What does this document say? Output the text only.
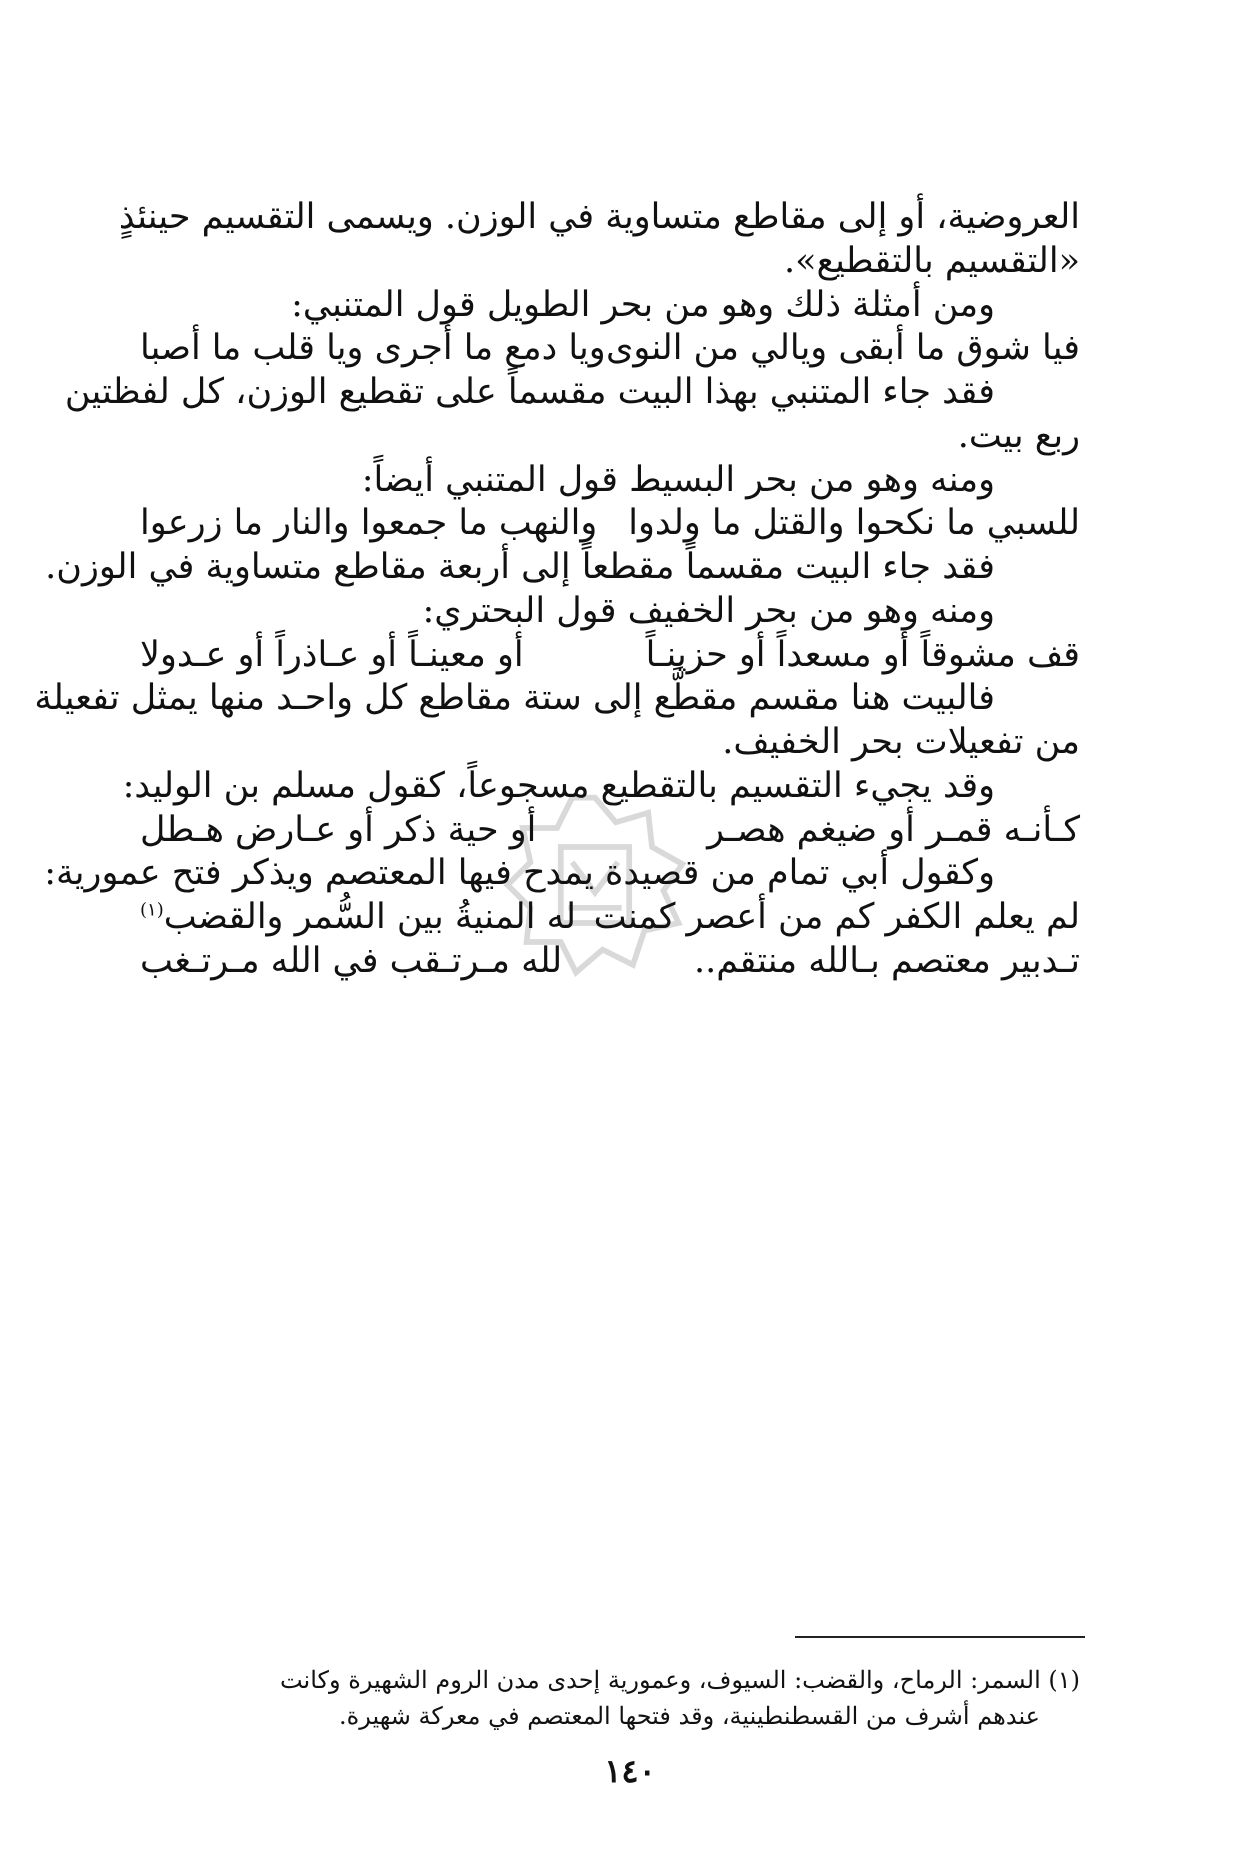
العروضية، أو إلى مقاطع متساوية في الوزن. ويسمى التقسيم حينئذٍ

«التقسيم بالتقطيع».

ومن أمثلة ذلك وهو من بحر الطويل قول المتنبي:

فيا شوق ما أبقى ويالي من النوى
ويا دمع ما أجرى ويا قلب ما أصبا

فقد جاء المتنبي بهذا البيت مقسماً على تقطيع الوزن، كل لفظتين

ربع بيت.

ومنه وهو من بحر البسيط قول المتنبي أيضاً:

للسبي ما نكحوا والقتل ما ولدوا
والنهب ما جمعوا والنار ما زرعوا

فقد جاء البيت مقسماً مقطعاً إلى أربعة مقاطع متساوية في الوزن.

ومنه وهو من بحر الخفيف قول البحتري:

قف مشوقاً أو مسعداً أو حزينـاً
أو معينـاً أو عـاذراً أو عـدولا

فالبيت هنا مقسم مقطَّع إلى ستة مقاطع كل واحـد منها يمثل تفعيلة

من تفعيلات بحر الخفيف.

وقد يجيء التقسيم بالتقطيع مسجوعاً، كقول مسلم بن الوليد:

كـأنـه قمـر أو ضيغم هصـر
أو حية ذكر أو عـارض هـطل

وكقول أبي تمام من قصيدة يمدح فيها المعتصم ويذكر فتح عمورية:

لم يعلم الكفر كم من أعصر كمنت
له المنيةُ بين السُّمر والقضب$^{(١)}$
تـدبير معتصم بـالله منتقم..
لله مـرتـقب في الله مـرتـغب
(١) السمر: الرماح، والقضب: السيوف، وعمورية إحدى مدن الروم الشهيرة وكانت
عندهم أشرف من القسطنطينية، وقد فتحها المعتصم في معركة شهيرة.
١٤٠
